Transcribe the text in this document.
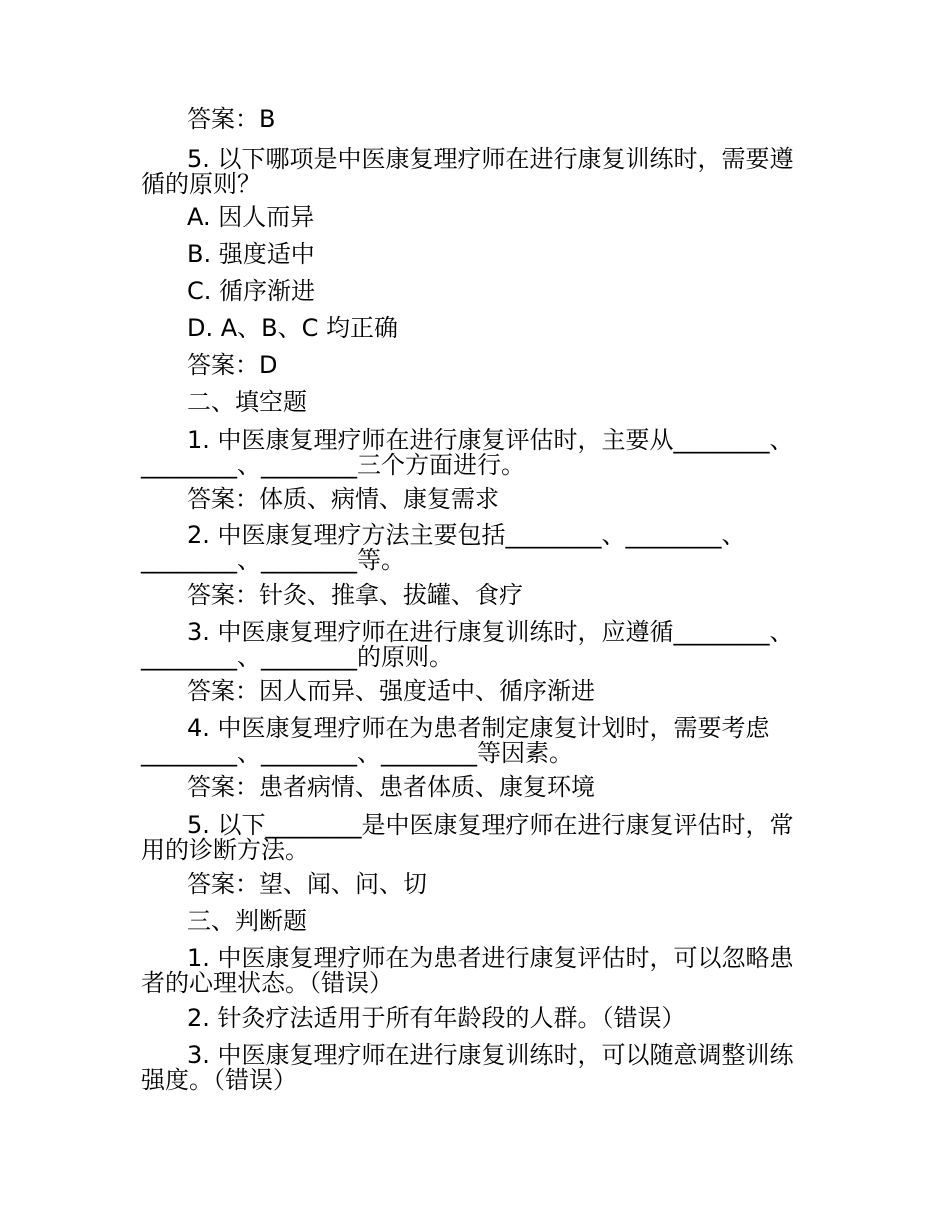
答案：B
5. 以下哪项是中医康复理疗师在进行康复训练时，需要遵循的原则？
A. 因人而异
B. 强度适中
C. 循序渐进
D. A、B、C 均正确
答案：D
二、填空题
1. 中医康复理疗师在进行康复评估时，主要从________、________、________三个方面进行。
答案：体质、病情、康复需求
2. 中医康复理疗方法主要包括________、________、________、________等。
答案：针灸、推拿、拔罐、食疗
3. 中医康复理疗师在进行康复训练时，应遵循________、________、________的原则。
答案：因人而异、强度适中、循序渐进
4. 中医康复理疗师在为患者制定康复计划时，需要考虑________、________、________等因素。
答案：患者病情、患者体质、康复环境
5. 以下________是中医康复理疗师在进行康复评估时，常用的诊断方法。
答案：望、闻、问、切
三、判断题
1. 中医康复理疗师在为患者进行康复评估时，可以忽略患者的心理状态。（错误）
2. 针灸疗法适用于所有年龄段的人群。（错误）
3. 中医康复理疗师在进行康复训练时，可以随意调整训练强度。（错误）
